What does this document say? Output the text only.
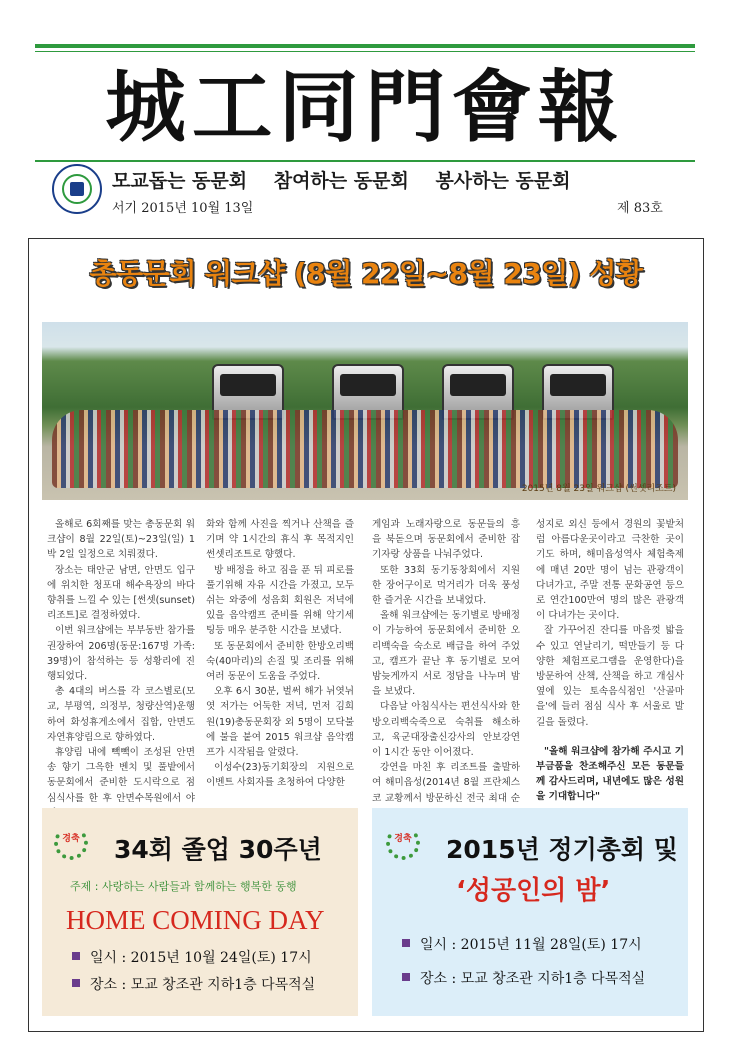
城工同門會報
모교돕는 동문회 참여하는 동문회 봉사하는 동문회
서기 2015년 10월 13일	제 83호
총동문회 워크샵 (8월 22일~8월 23일) 성황
2015년 8월 23일 워크샵 (썬셋리조트)

올해로 6회째를 맞는 총동문회 워크샵이 8월 22일(토)~23일(일) 1박 2일 일정으로 치뤄졌다.

장소는 태안군 남면, 안면도 입구에 위치한 청포대 해수욕장의 바다향취를 느낄 수 있는 [썬셋(sunset)리조트]로 결정하였다.

이번 워크샵에는 부부동반 참가를 권장하여 206명(동문:167명 가족:39명)이 참석하는 등 성황리에 진행되었다.

총 4대의 버스를 각 코스별로(모교, 부평역, 의정부, 청량산역)운행하여 화성휴게소에서 집합, 안면도 자연휴양림으로 향하였다.

휴양림 내에 빽빽이 조성된 안면송 향기 그윽한 벤치 및 풀밭에서 동문회에서 준비한 도시락으로 점심식사를 한 후 안면수목원에서 야

화와 함께 사진을 찍거나 산책을 즐기며 약 1시간의 휴식 후 목적지인 썬셋리조트로 향했다.

방 배정을 하고 짐을 푼 뒤 피로를 풀기위해 자유 시간을 가졌고, 모두 쉬는 와중에 성음회 회원은 저녁에 있을 음악캠프 준비를 위해 악기세팅등 매우 분주한 시간을 보냈다.

또 동문회에서 준비한 한방오리백숙(40마리)의 손질 및 조리를 위해 여러 동문이 도움을 주었다.

오후 6시 30분, 벌써 해가 뉘엿뉘엿 저가는 어둑한 저녁, 먼저 김희원(19)총동문회장 외 5명이 모닥불에 불을 붙여 2015 워크샵 음악캠프가 시작됨을 알렸다.

이성수(23)동기회장의 지원으로 이벤트 사회자를 초청하여 다양한

게임과 노래자랑으로 동문들의 흥을 북돋으며 동문회에서 준비한 잡기자랑 상품을 나눠주었다.

또한 33회 동기동창회에서 지원한 장어구이로 먹거리가 더욱 풍성한 즐거운 시간을 보내었다.

올해 워크샵에는 동기별로 방배정이 가능하여 동문회에서 준비한 오리백숙을 숙소로 배급을 하여 주었고, 캠프가 끝난 후 동기별로 모여 밤늦게까지 서로 정담을 나누며 밤을 보냈다.

다음날 아침식사는 편선식사와 한방오리백숙죽으로 숙취를 해소하고, 육군대장출신강사의 안보강연이 1시간 동안 이어졌다.

강연을 마친 후 리조트를 출발하여 해미읍성(2014년 8월 프란체스코 교황께서 방문하신 전국 최대 순

성지로 외신 등에서 경원의 꽃밭처럼 아름다운곳이라고 극찬한 곳이기도 하며, 해미읍성역사 체험축제에 매년 20만 명이 넘는 관광객이 다녀가고, 주말 전통 문화공연 등으로 연간100만여 명의 많은 관광객이 다녀가는 곳이다.

잘 가꾸어진 잔디를 마음껏 밟을 수 있고 연날리기, 떡만들기 등 다양한 체험프로그램을 운영한다)을 방문하여 산책, 산책을 하고 개심사 옆에 있는 토속음식점인 '산골마을'에 들러 점심 식사 후 서울로 발길을 돌렸다.

"올해 워크샵에 참가해 주시고 기부금품을 찬조해주신 모든 동문들께 감사드리며, 내년에도 많은 성원을 기대합니다"

경축 34회 졸업 30주년
주제 : 사랑하는 사람들과 함께하는 행복한 동행
HOME COMING DAY
일시 : 2015년 10월 24일(토) 17시
장소 : 모교 창조관 지하1층 다목적실
경축 2015년 정기총회 및
‘성공인의 밤’
일시 : 2015년 11월 28일(토) 17시
장소 : 모교 창조관 지하1층 다목적실
